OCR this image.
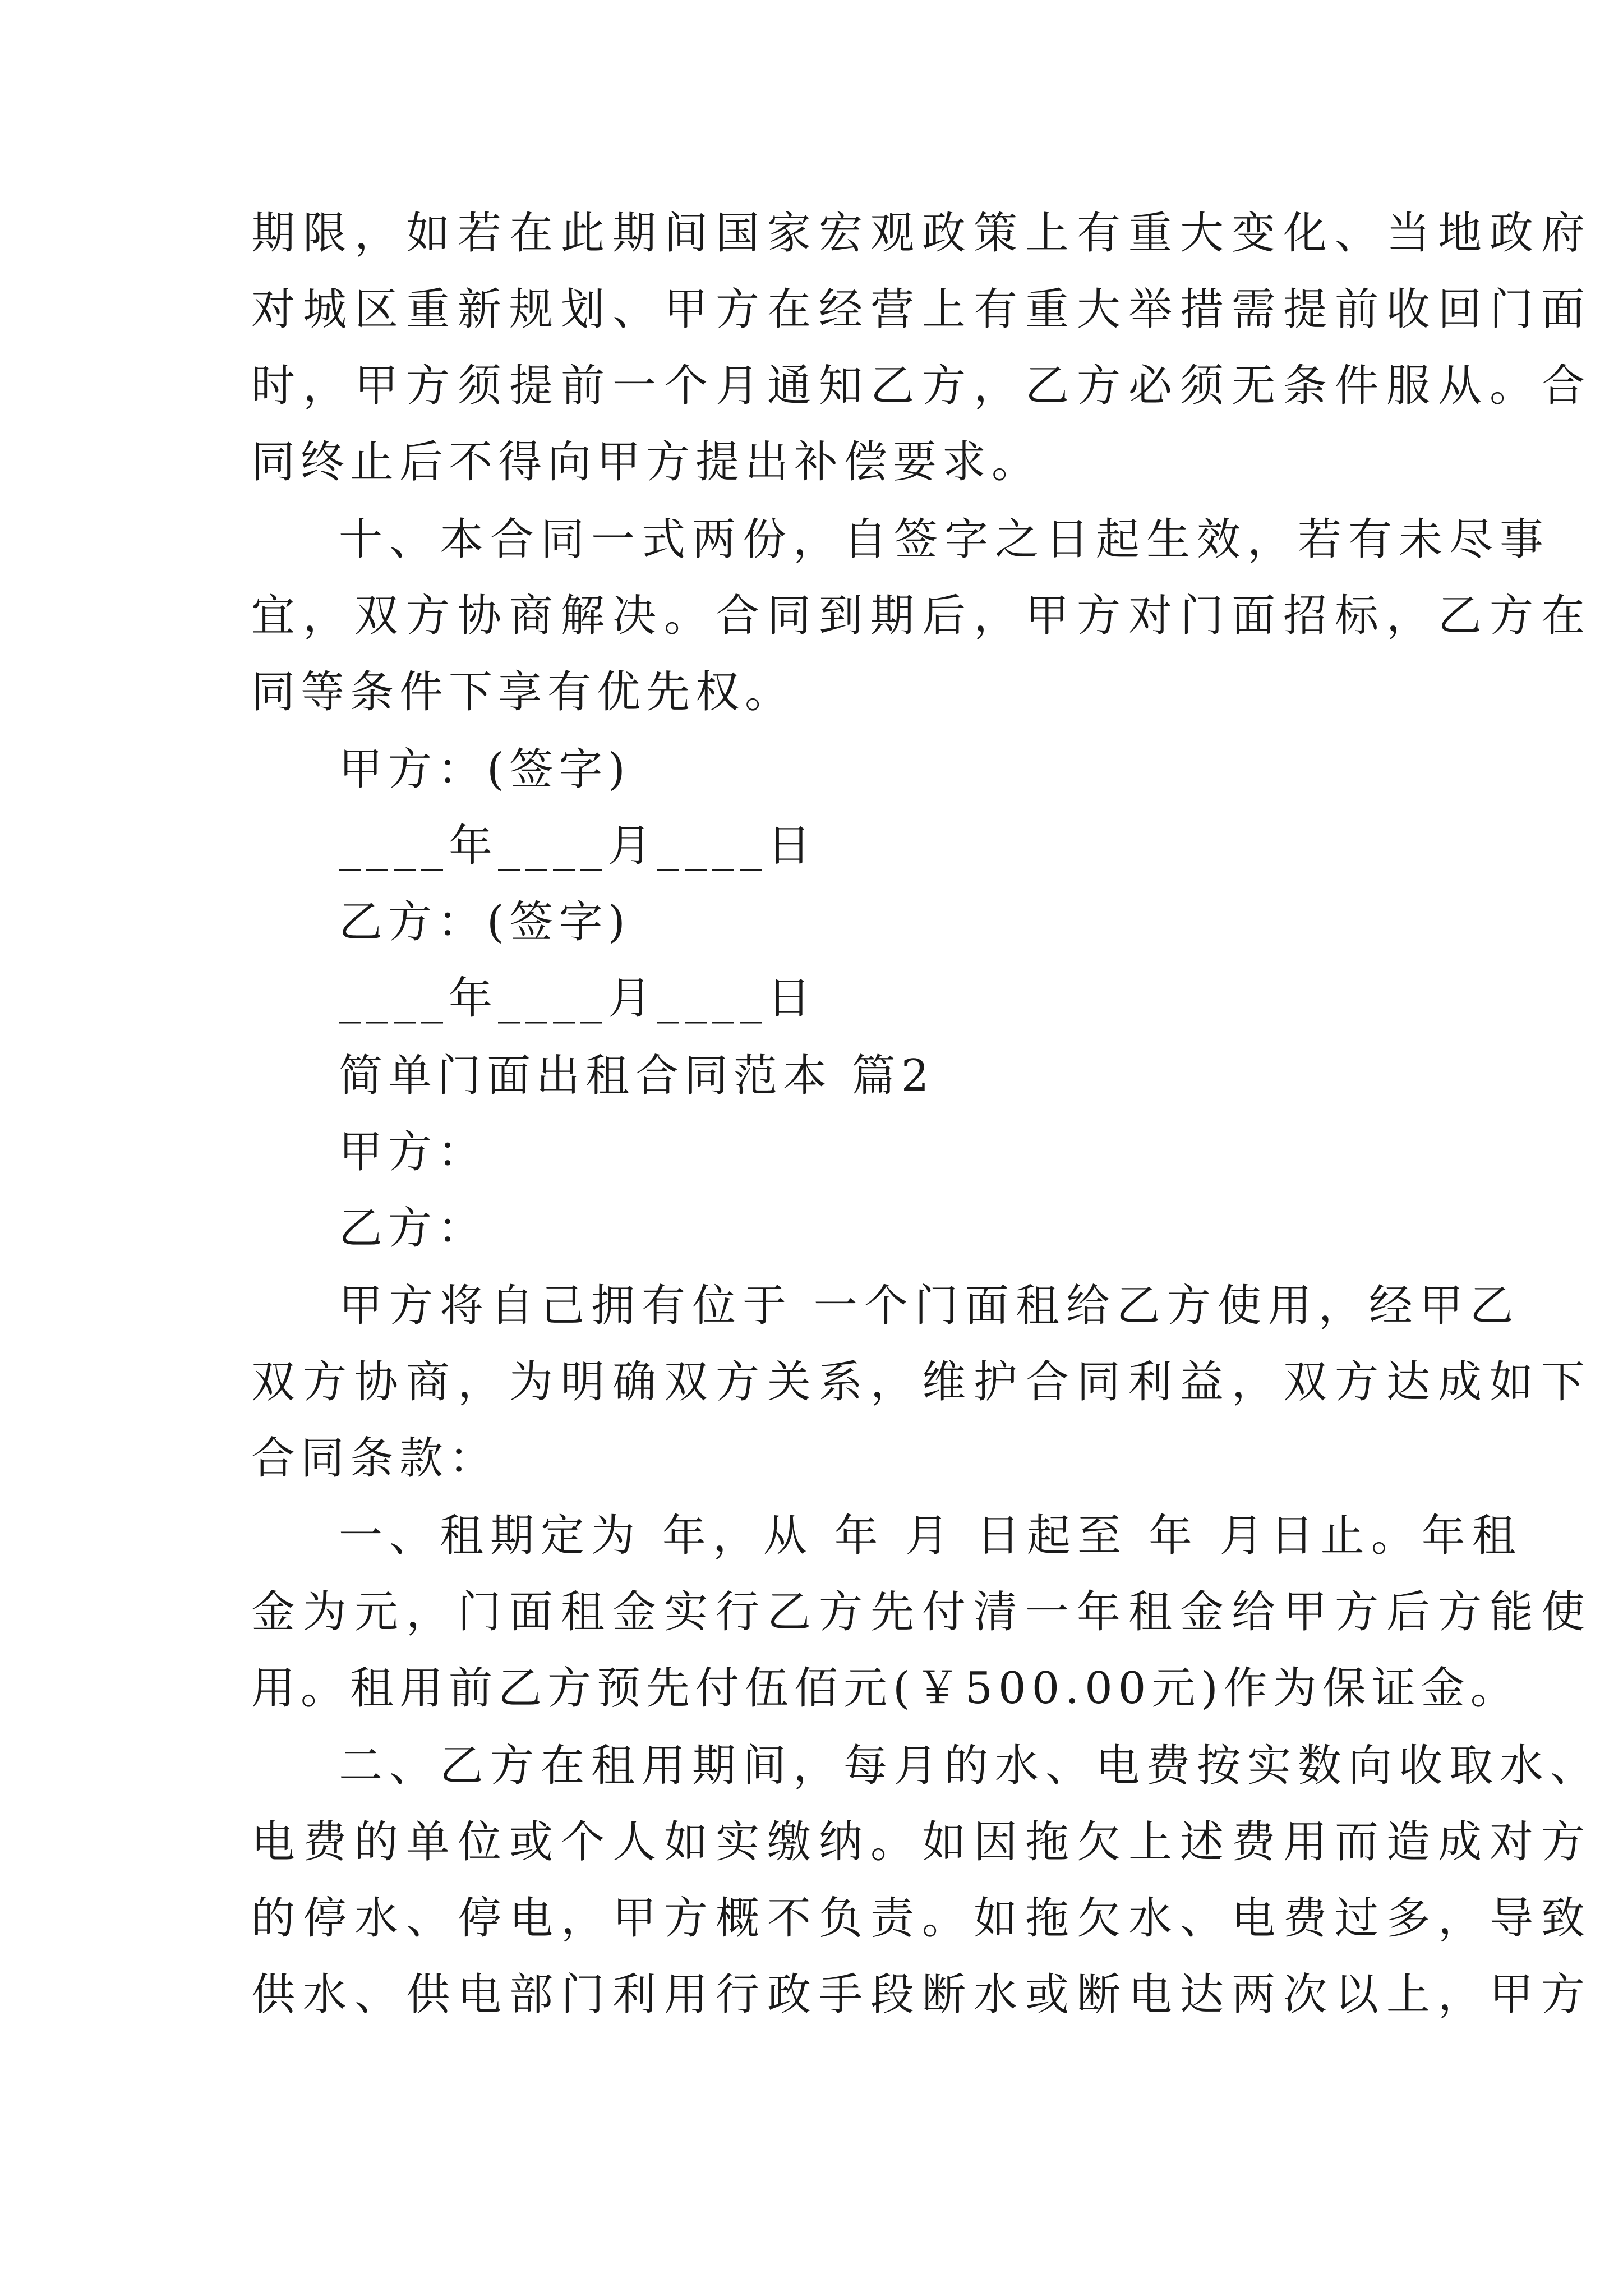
期限，如若在此期间国家宏观政策上有重大变化、当地政府
对城区重新规划、甲方在经营上有重大举措需提前收回门面
时，甲方须提前一个月通知乙方，乙方必须无条件服从。合
同终止后不得向甲方提出补偿要求。
十、本合同一式两份，自签字之日起生效，若有未尽事
宜，双方协商解决。合同到期后，甲方对门面招标，乙方在
同等条件下享有优先权。
甲方：(签字)
____年____月____日
乙方：(签字)
____年____月____日
简单门面出租合同范本 篇2
甲方：
乙方：
甲方将自己拥有位于 一个门面租给乙方使用，经甲乙
双方协商，为明确双方关系，维护合同利益，双方达成如下
合同条款：
一、租期定为 年，从 年 月 日起至 年 月日止。年租
金为元，门面租金实行乙方先付清一年租金给甲方后方能使
用。租用前乙方预先付伍佰元(￥500.00元)作为保证金。
二、乙方在租用期间，每月的水、电费按实数向收取水、
电费的单位或个人如实缴纳。如因拖欠上述费用而造成对方
的停水、停电，甲方概不负责。如拖欠水、电费过多，导致
供水、供电部门利用行政手段断水或断电达两次以上，甲方
